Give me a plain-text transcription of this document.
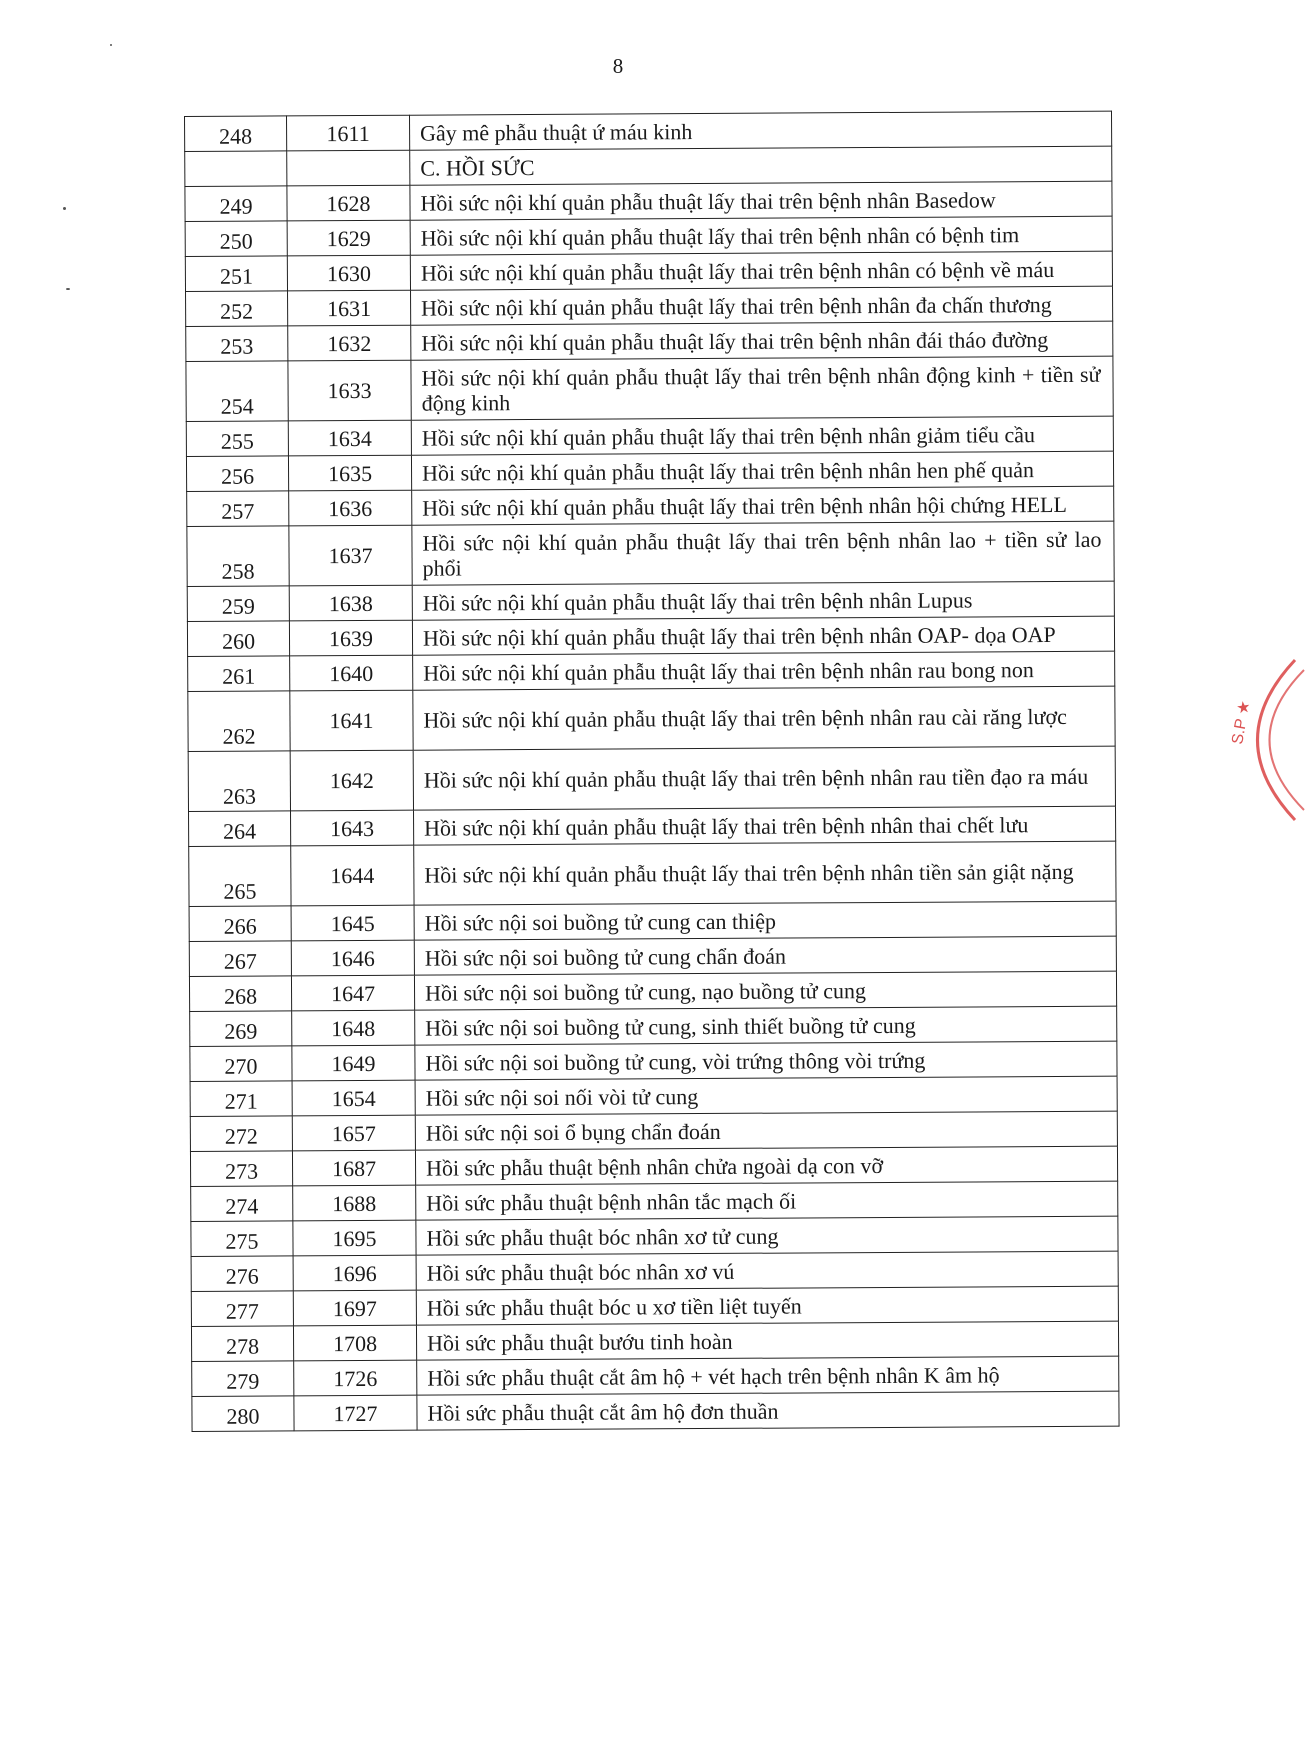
8
248	1611	Gây mê phẫu thuật ứ máu kinh
		C. HỒI SỨC
249	1628	Hồi sức nội khí quản phẫu thuật lấy thai trên bệnh nhân Basedow
250	1629	Hồi sức nội khí quản phẫu thuật lấy thai trên bệnh nhân có bệnh tim
251	1630	Hồi sức nội khí quản phẫu thuật lấy thai trên bệnh nhân có bệnh về máu
252	1631	Hồi sức nội khí quản phẫu thuật lấy thai trên bệnh nhân đa chấn thương
253	1632	Hồi sức nội khí quản phẫu thuật lấy thai trên bệnh nhân đái tháo đường
254	1633	Hồi sức nội khí quản phẫu thuật lấy thai trên bệnh nhân động kinh + tiền sử động kinh
255	1634	Hồi sức nội khí quản phẫu thuật lấy thai trên bệnh nhân giảm tiểu cầu
256	1635	Hồi sức nội khí quản phẫu thuật lấy thai trên bệnh nhân hen phế quản
257	1636	Hồi sức nội khí quản phẫu thuật lấy thai trên bệnh nhân hội chứng HELL
258	1637	Hồi sức nội khí quản phẫu thuật lấy thai trên bệnh nhân lao + tiền sử lao phổi
259	1638	Hồi sức nội khí quản phẫu thuật lấy thai trên bệnh nhân Lupus
260	1639	Hồi sức nội khí quản phẫu thuật lấy thai trên bệnh nhân OAP- dọa OAP
261	1640	Hồi sức nội khí quản phẫu thuật lấy thai trên bệnh nhân rau bong non
262	1641	Hồi sức nội khí quản phẫu thuật lấy thai trên bệnh nhân rau cài răng lược
263	1642	Hồi sức nội khí quản phẫu thuật lấy thai trên bệnh nhân rau tiền đạo ra máu
264	1643	Hồi sức nội khí quản phẫu thuật lấy thai trên bệnh nhân thai chết lưu
265	1644	Hồi sức nội khí quản phẫu thuật lấy thai trên bệnh nhân tiền sản giật nặng
266	1645	Hồi sức nội soi buồng tử cung can thiệp
267	1646	Hồi sức nội soi buồng tử cung chẩn đoán
268	1647	Hồi sức nội soi buồng tử cung, nạo buồng tử cung
269	1648	Hồi sức nội soi buồng tử cung, sinh thiết buồng tử cung
270	1649	Hồi sức nội soi buồng tử cung, vòi trứng thông vòi trứng
271	1654	Hồi sức nội soi nối vòi tử cung
272	1657	Hồi sức nội soi ổ bụng chẩn đoán
273	1687	Hồi sức phẫu thuật bệnh nhân chửa ngoài dạ con vỡ
274	1688	Hồi sức phẫu thuật bệnh nhân tắc mạch ối
275	1695	Hồi sức phẫu thuật bóc nhân xơ tử cung
276	1696	Hồi sức phẫu thuật bóc nhân xơ vú
277	1697	Hồi sức phẫu thuật bóc u xơ tiền liệt tuyến
278	1708	Hồi sức phẫu thuật bướu tinh hoàn
279	1726	Hồi sức phẫu thuật cắt âm hộ + vét hạch trên bệnh nhân K âm hộ
280	1727	Hồi sức phẫu thuật cắt âm hộ đơn thuần
S.P ★
